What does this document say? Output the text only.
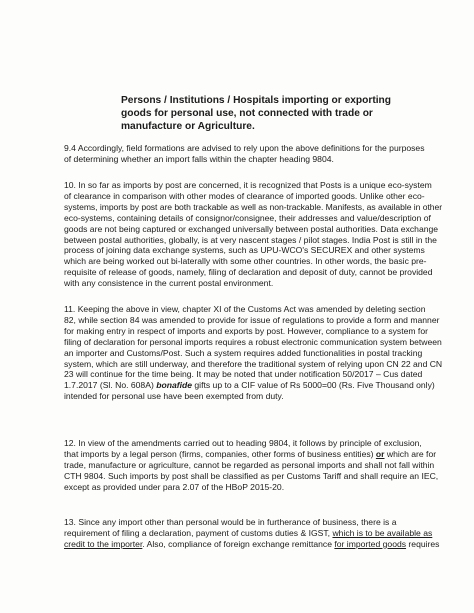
Persons / Institutions / Hospitals importing or exporting
goods for personal use, not connected with trade or
manufacture or Agriculture.
9.4 Accordingly, field formations are advised to rely upon the above definitions for the purposes
of determining whether an import falls within the chapter heading 9804.
10. In so far as imports by post are concerned, it is recognized that Posts is a unique eco-system
of clearance in comparison with other modes of clearance of imported goods. Unlike other eco-
systems, imports by post are both trackable as well as non-trackable. Manifests, as available in other
eco-systems, containing details of consignor/consignee, their addresses and value/description of
goods are not being captured or exchanged universally between postal authorities. Data exchange
between postal authorities, globally, is at very nascent stages / pilot stages. India Post is still in the
process of joining data exchange systems, such as UPU-WCO's SECUREX and other systems
which are being worked out bi-laterally with some other countries. In other words, the basic pre-
requisite of release of goods, namely, filing of declaration and deposit of duty, cannot be provided
with any consistence in the current postal environment.
11. Keeping the above in view, chapter XI of the Customs Act was amended by deleting section
82, while section 84 was amended to provide for issue of regulations to provide a form and manner
for making entry in respect of imports and exports by post. However, compliance to a system for
filing of declaration for personal imports requires a robust electronic communication system between
an importer and Customs/Post. Such a system requires added functionalities in postal tracking
system, which are still underway, and therefore the traditional system of relying upon CN 22 and CN
23 will continue for the time being. It may be noted that under notification 50/2017 – Cus dated
1.7.2017 (Sl. No. 608A) bonafide gifts up to a CIF value of Rs 5000=00 (Rs. Five Thousand only)
intended for personal use have been exempted from duty.
12. In view of the amendments carried out to heading 9804, it follows by principle of exclusion,
that imports by a legal person (firms, companies, other forms of business entities) or which are for
trade, manufacture or agriculture, cannot be regarded as personal imports and shall not fall within
CTH 9804. Such imports by post shall be classified as per Customs Tariff and shall require an IEC,
except as provided under para 2.07 of the HBoP 2015-20.
13. Since any import other than personal would be in furtherance of business, there is a
requirement of filing a declaration, payment of customs duties & IGST, which is to be available as
credit to the importer. Also, compliance of foreign exchange remittance for imported goods requires
